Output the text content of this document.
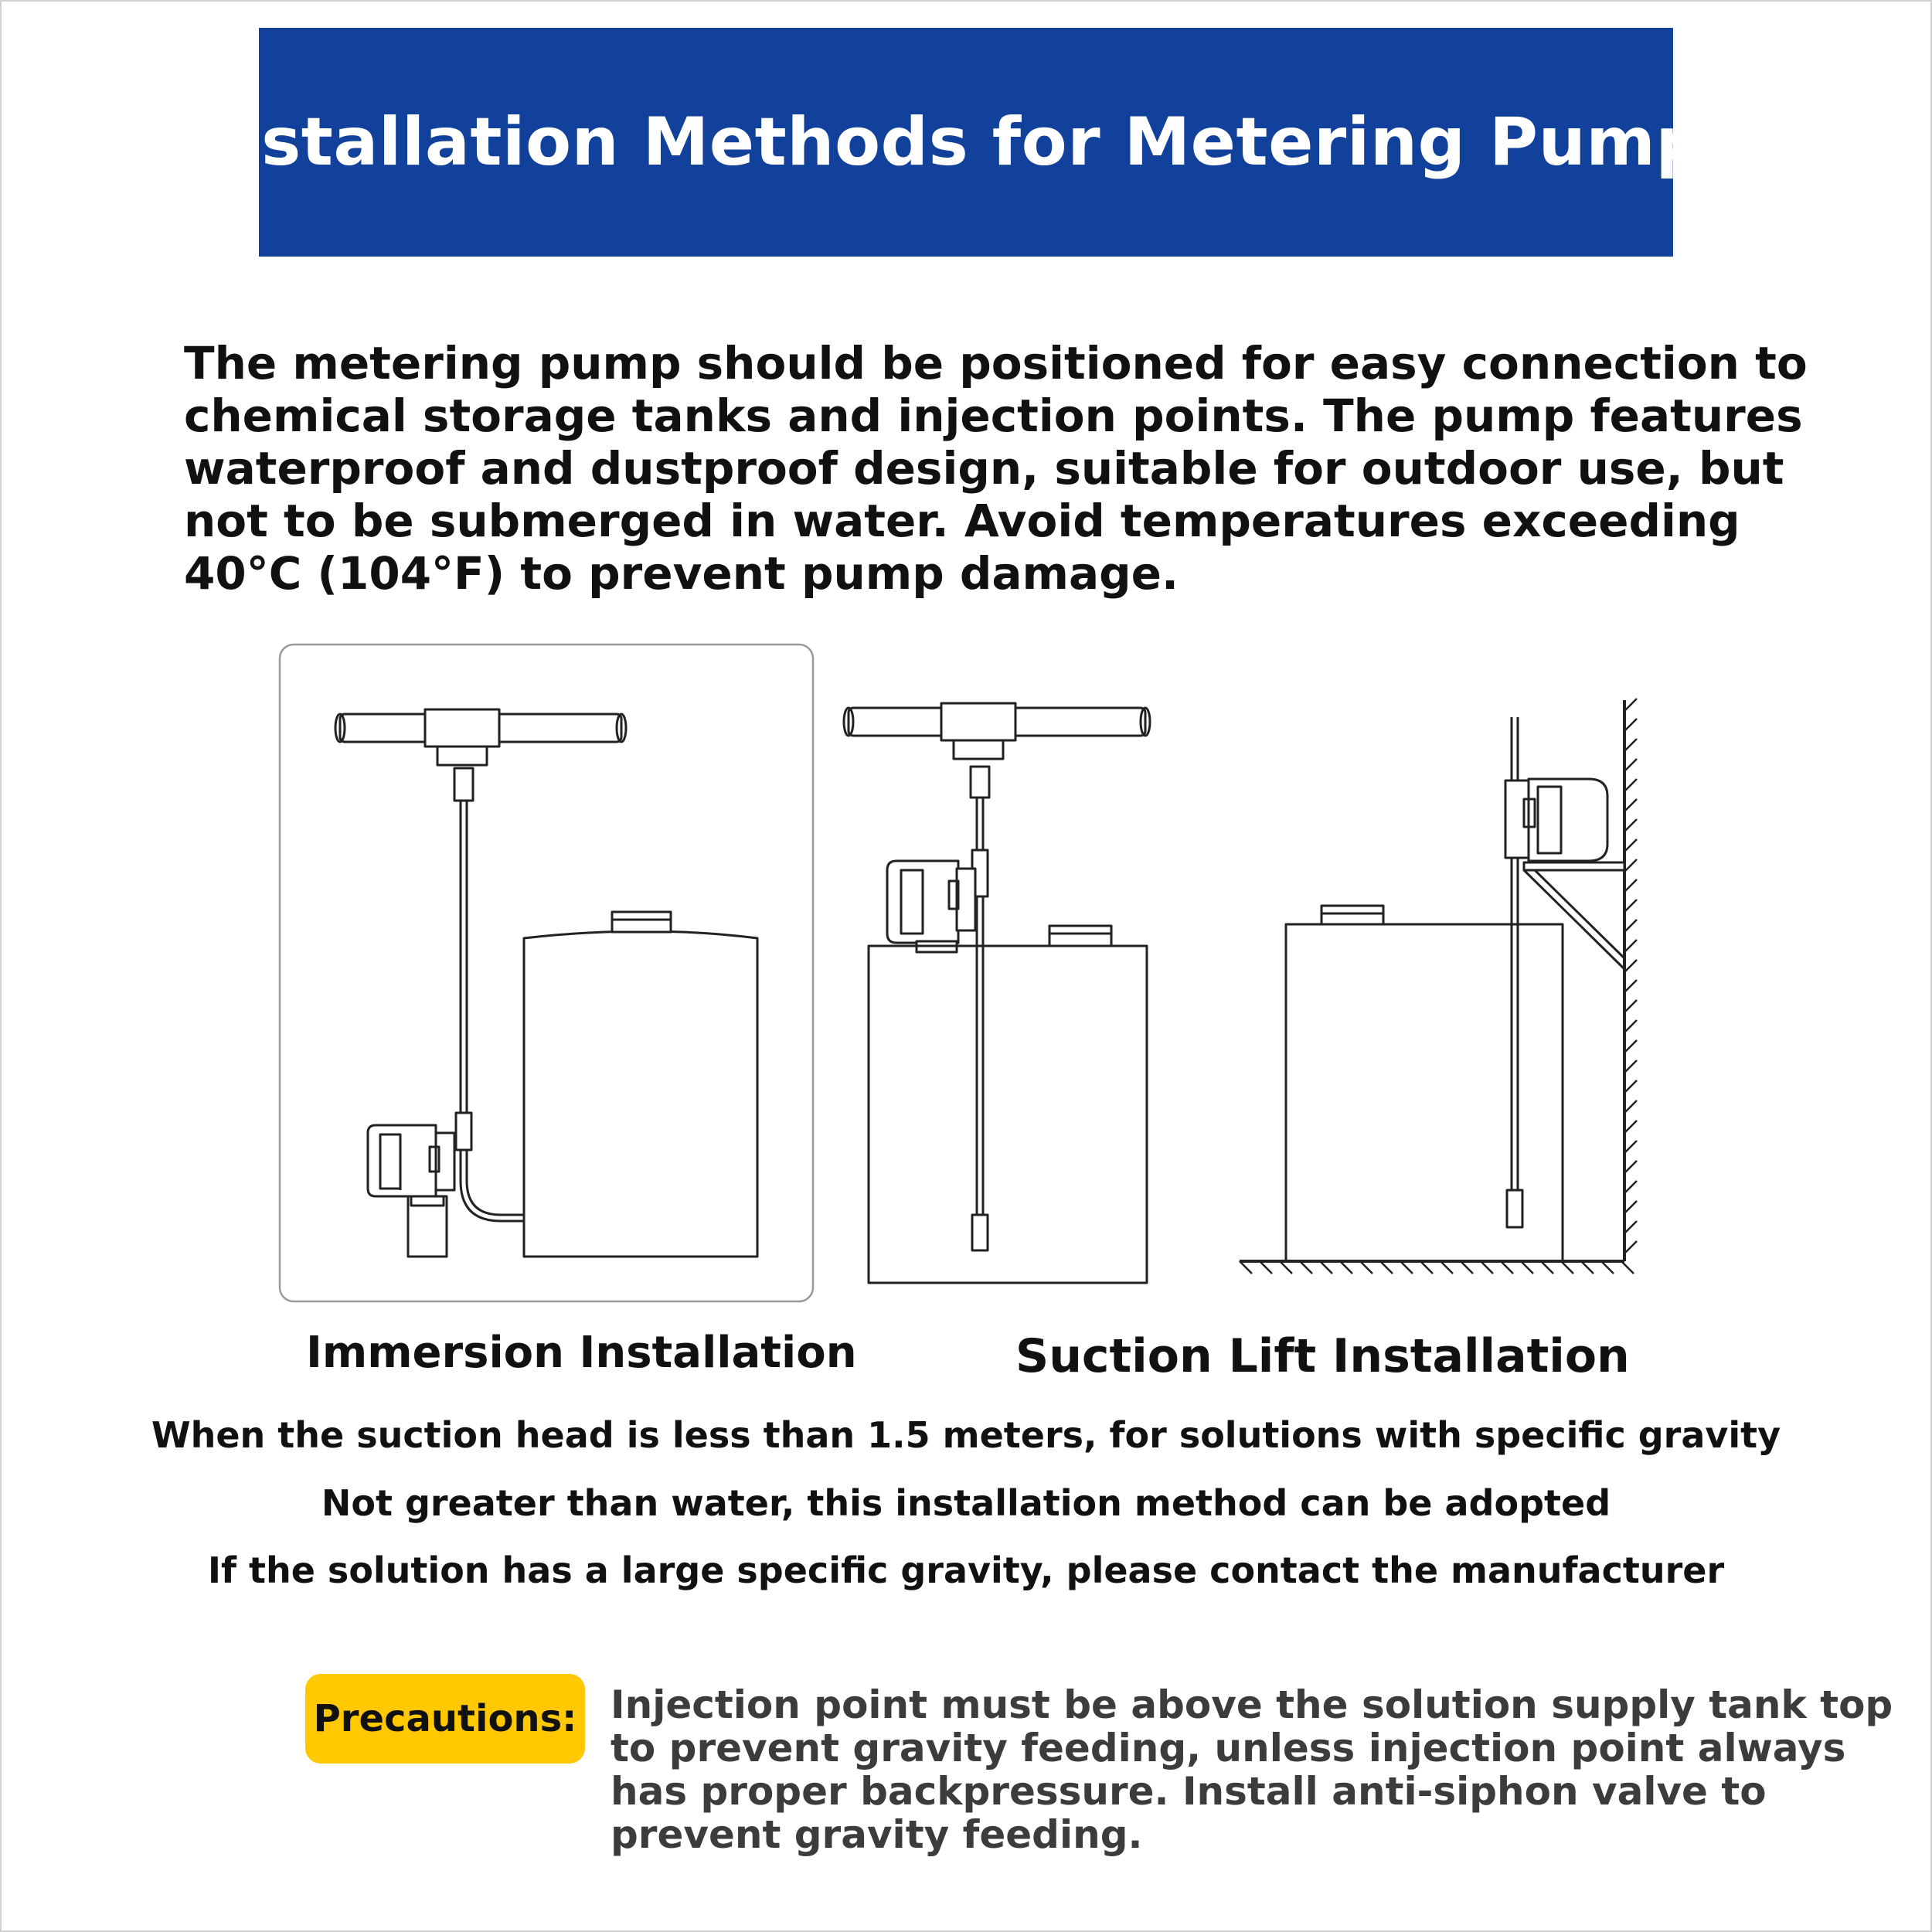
Installation Methods for Metering Pumps
The metering pump should be positioned for easy connection to chemical storage tanks and injection points. The pump features waterproof and dustproof design, suitable for outdoor use, but not to be submerged in water. Avoid temperatures exceeding 40°C (104°F) to prevent pump damage.
Immersion Installation	Suction Lift Installation
When the suction head is less than 1.5 meters, for solutions with specific gravity
Not greater than water, this installation method can be adopted
If the solution has a large specific gravity, please contact the manufacturer
Precautions: Injection point must be above the solution supply tank top to prevent gravity feeding, unless injection point always has proper backpressure. Install anti-siphon valve to prevent gravity feeding.
